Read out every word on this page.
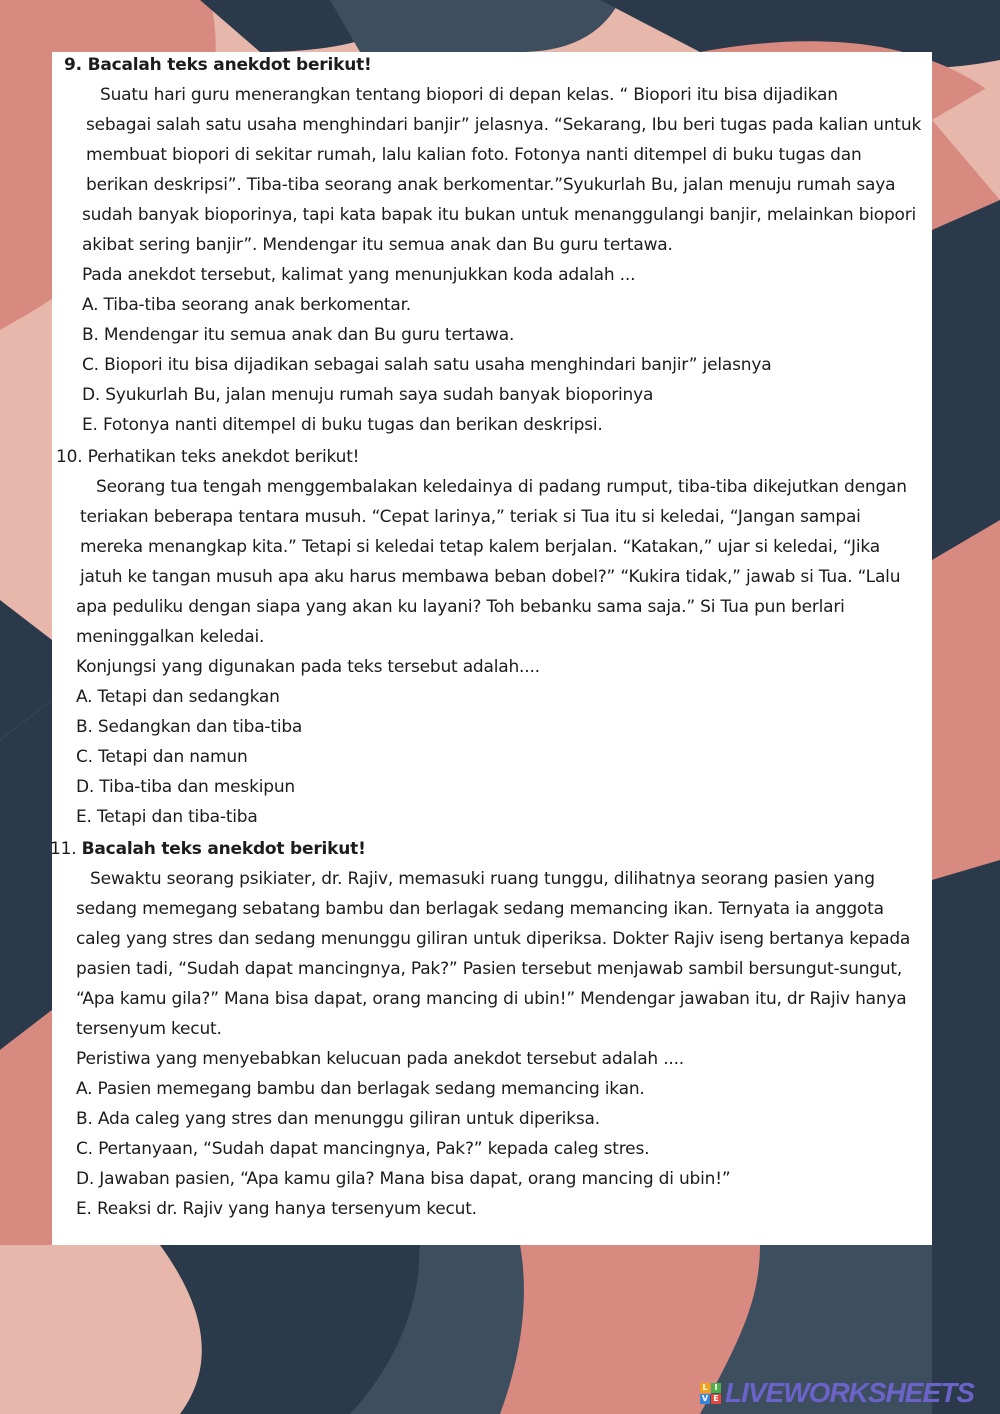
9. Bacalah teks anekdot berikut!
Suatu hari guru menerangkan tentang biopori di depan kelas. “ Biopori itu bisa dijadikan
sebagai salah satu usaha menghindari banjir” jelasnya. “Sekarang, Ibu beri tugas pada kalian untuk
membuat biopori di sekitar rumah, lalu kalian foto. Fotonya nanti ditempel di buku tugas dan
berikan deskripsi”. Tiba-tiba seorang anak berkomentar.”Syukurlah Bu, jalan menuju rumah saya
sudah banyak bioporinya, tapi kata bapak itu bukan untuk menanggulangi banjir, melainkan biopori
akibat sering banjir”. Mendengar itu semua anak dan Bu guru tertawa.
Pada anekdot tersebut, kalimat yang menunjukkan koda adalah ...
A. Tiba-tiba seorang anak berkomentar.
B. Mendengar itu semua anak dan Bu guru tertawa.
C. Biopori itu bisa dijadikan sebagai salah satu usaha menghindari banjir” jelasnya
D. Syukurlah Bu, jalan menuju rumah saya sudah banyak bioporinya
E. Fotonya nanti ditempel di buku tugas dan berikan deskripsi.
10. Perhatikan teks anekdot berikut!
Seorang tua tengah menggembalakan keledainya di padang rumput, tiba-tiba dikejutkan dengan
teriakan beberapa tentara musuh. “Cepat larinya,” teriak si Tua itu si keledai, “Jangan sampai
mereka menangkap kita.” Tetapi si keledai tetap kalem berjalan. “Katakan,” ujar si keledai, “Jika
jatuh ke tangan musuh apa aku harus membawa beban dobel?” “Kukira tidak,” jawab si Tua. “Lalu
apa peduliku dengan siapa yang akan ku layani? Toh bebanku sama saja.” Si Tua pun berlari
meninggalkan keledai.
Konjungsi yang digunakan pada teks tersebut adalah....
A. Tetapi dan sedangkan
B. Sedangkan dan tiba-tiba
C. Tetapi dan namun
D. Tiba-tiba dan meskipun
E. Tetapi dan tiba-tiba
11. Bacalah teks anekdot berikut!
Sewaktu seorang psikiater, dr. Rajiv, memasuki ruang tunggu, dilihatnya seorang pasien yang
sedang memegang sebatang bambu dan berlagak sedang memancing ikan. Ternyata ia anggota
caleg yang stres dan sedang menunggu giliran untuk diperiksa. Dokter Rajiv iseng bertanya kepada
pasien tadi, “Sudah dapat mancingnya, Pak?” Pasien tersebut menjawab sambil bersungut-sungut,
“Apa kamu gila?” Mana bisa dapat, orang mancing di ubin!” Mendengar jawaban itu, dr Rajiv hanya
tersenyum kecut.
Peristiwa yang menyebabkan kelucuan pada anekdot tersebut adalah ....
A. Pasien memegang bambu dan berlagak sedang memancing ikan.
B. Ada caleg yang stres dan menunggu giliran untuk diperiksa.
C. Pertanyaan, “Sudah dapat mancingnya, Pak?” kepada caleg stres.
D. Jawaban pasien, “Apa kamu gila? Mana bisa dapat, orang mancing di ubin!”
E. Reaksi dr. Rajiv yang hanya tersenyum kecut.
L I
V E LIVEWORKSHEETS
